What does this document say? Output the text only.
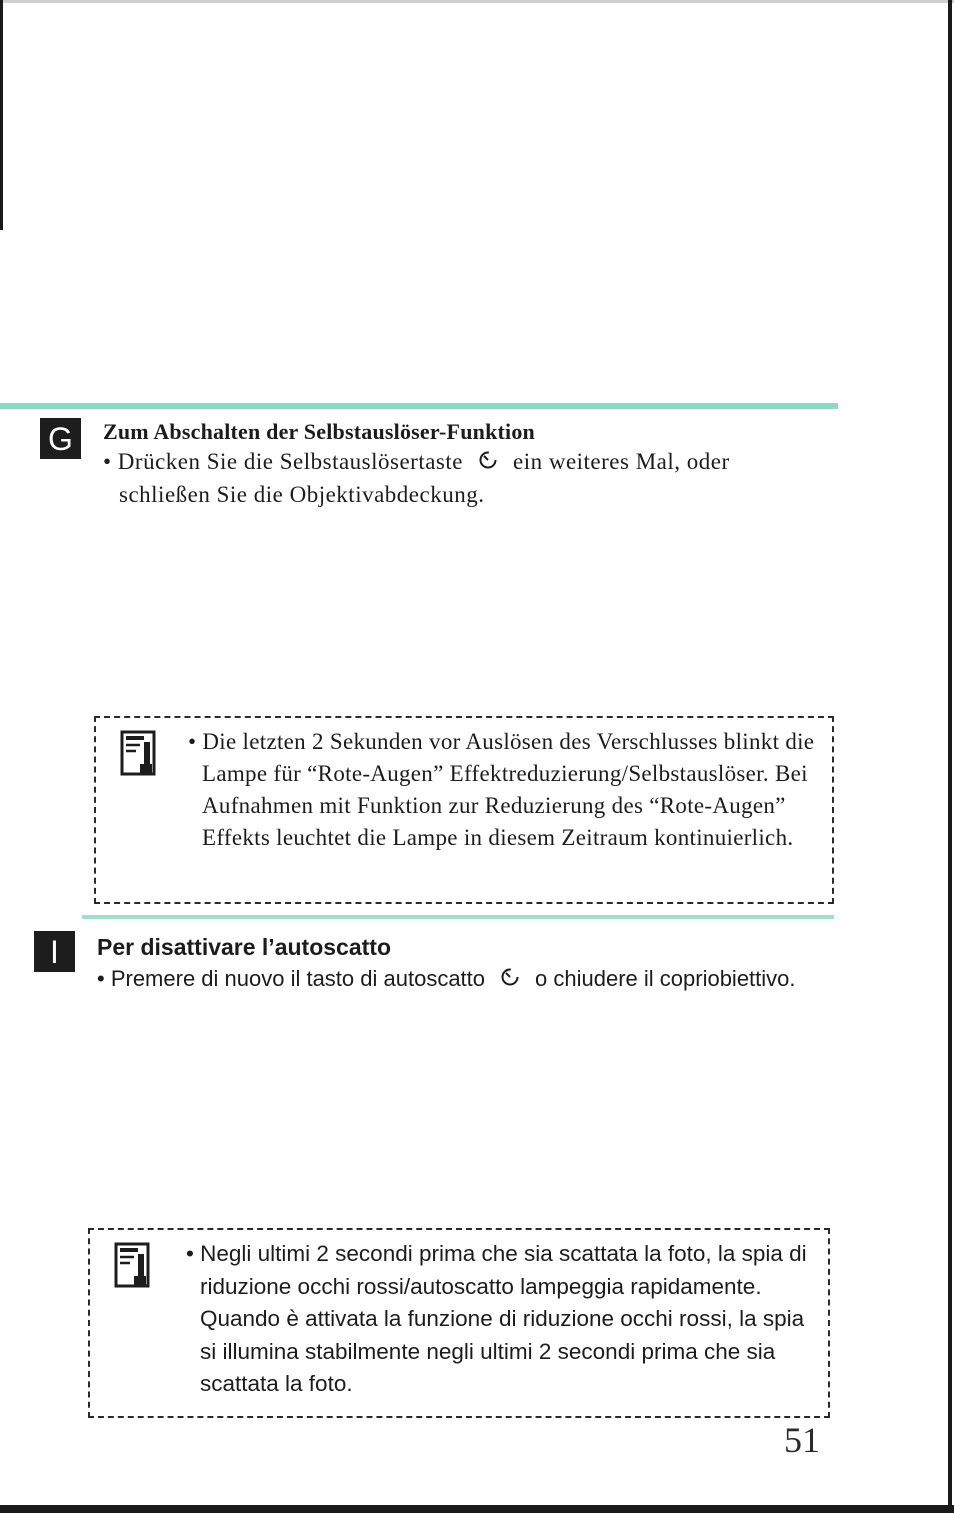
G Zum Abschalten der Selbstauslöser-Funktion
• Drücken Sie die Selbstauslösertaste ein weiteres Mal, oder schließen Sie die Objektivabdeckung.
• Die letzten 2 Sekunden vor Auslösen des Verschlusses blinkt die Lampe für “Rote-Augen” Effektreduzierung/Selbstauslöser. Bei Aufnahmen mit Funktion zur Reduzierung des “Rote-Augen” Effekts leuchtet die Lampe in diesem Zeitraum kontinuierlich.
I Per disattivare l’autoscatto
• Premere di nuovo il tasto di autoscatto o chiudere il copriobiettivo.
• Negli ultimi 2 secondi prima che sia scattata la foto, la spia di riduzione occhi rossi/autoscatto lampeggia rapidamente. Quando è attivata la funzione di riduzione occhi rossi, la spia si illumina stabilmente negli ultimi 2 secondi prima che sia scattata la foto.
51
